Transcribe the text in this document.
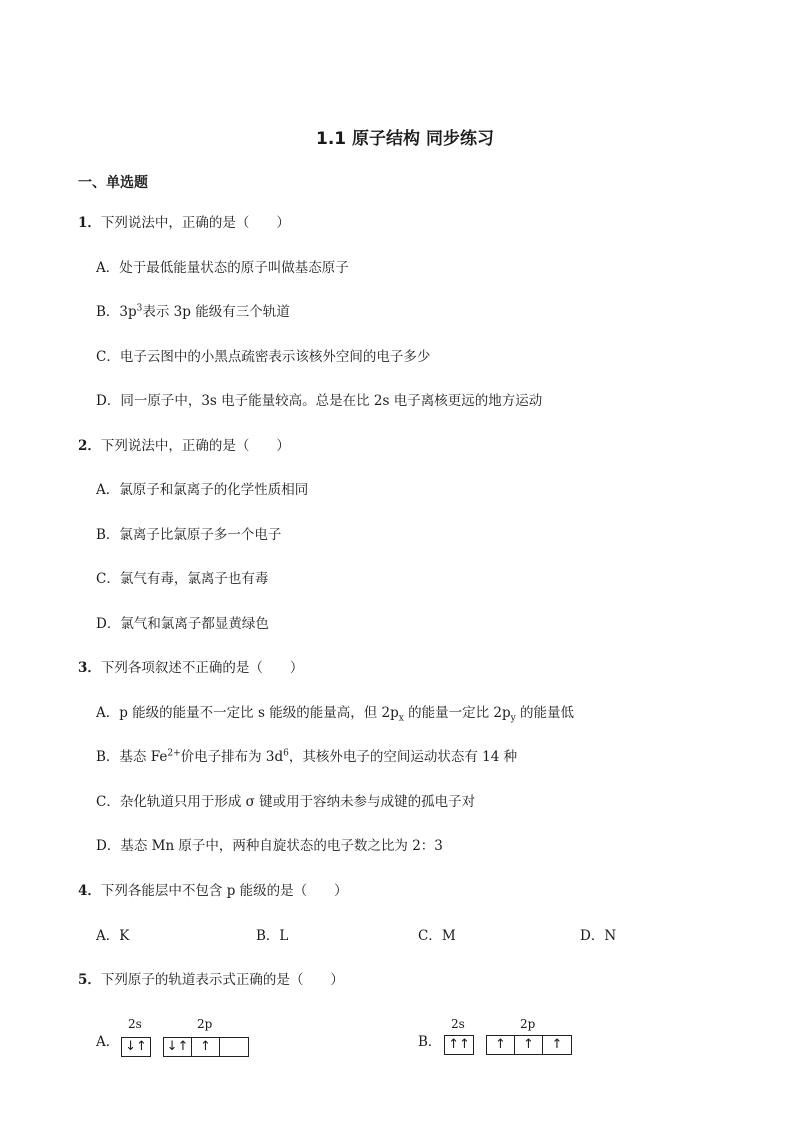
1.1 原子结构 同步练习
一、单选题
1．下列说法中，正确的是（　　）
A．处于最低能量状态的原子叫做基态原子
B．$3p^3$表示 3p 能级有三个轨道
C．电子云图中的小黑点疏密表示该核外空间的电子多少
D．同一原子中，3s 电子能量较高。总是在比 2s 电子离核更远的地方运动
2．下列说法中，正确的是（　　）
A．氯原子和氯离子的化学性质相同
B．氯离子比氯原子多一个电子
C．氯气有毒，氯离子也有毒
D．氯气和氯离子都显黄绿色
3．下列各项叙述不正确的是（　　）
A．p 能级的能量不一定比 s 能级的能量高，但 $2p_x$ 的能量一定比 $2p_y$ 的能量低
B．基态 $Fe^{2+}$价电子排布为 $3d^6$，其核外电子的空间运动状态有 14 种
C．杂化轨道只用于形成 σ 键或用于容纳未参与成键的孤电子对
D．基态 Mn 原子中，两种自旋状态的电子数之比为 2：3
4．下列各能层中不包含 p 能级的是（　　）
A．K	B．L	C．M	D．N
5．下列原子的轨道表示式正确的是（　　）
A．
2s	2p
↓↑ ↓↑ ↑	B．
2s	2p
↑↑	↑	↑	↑
